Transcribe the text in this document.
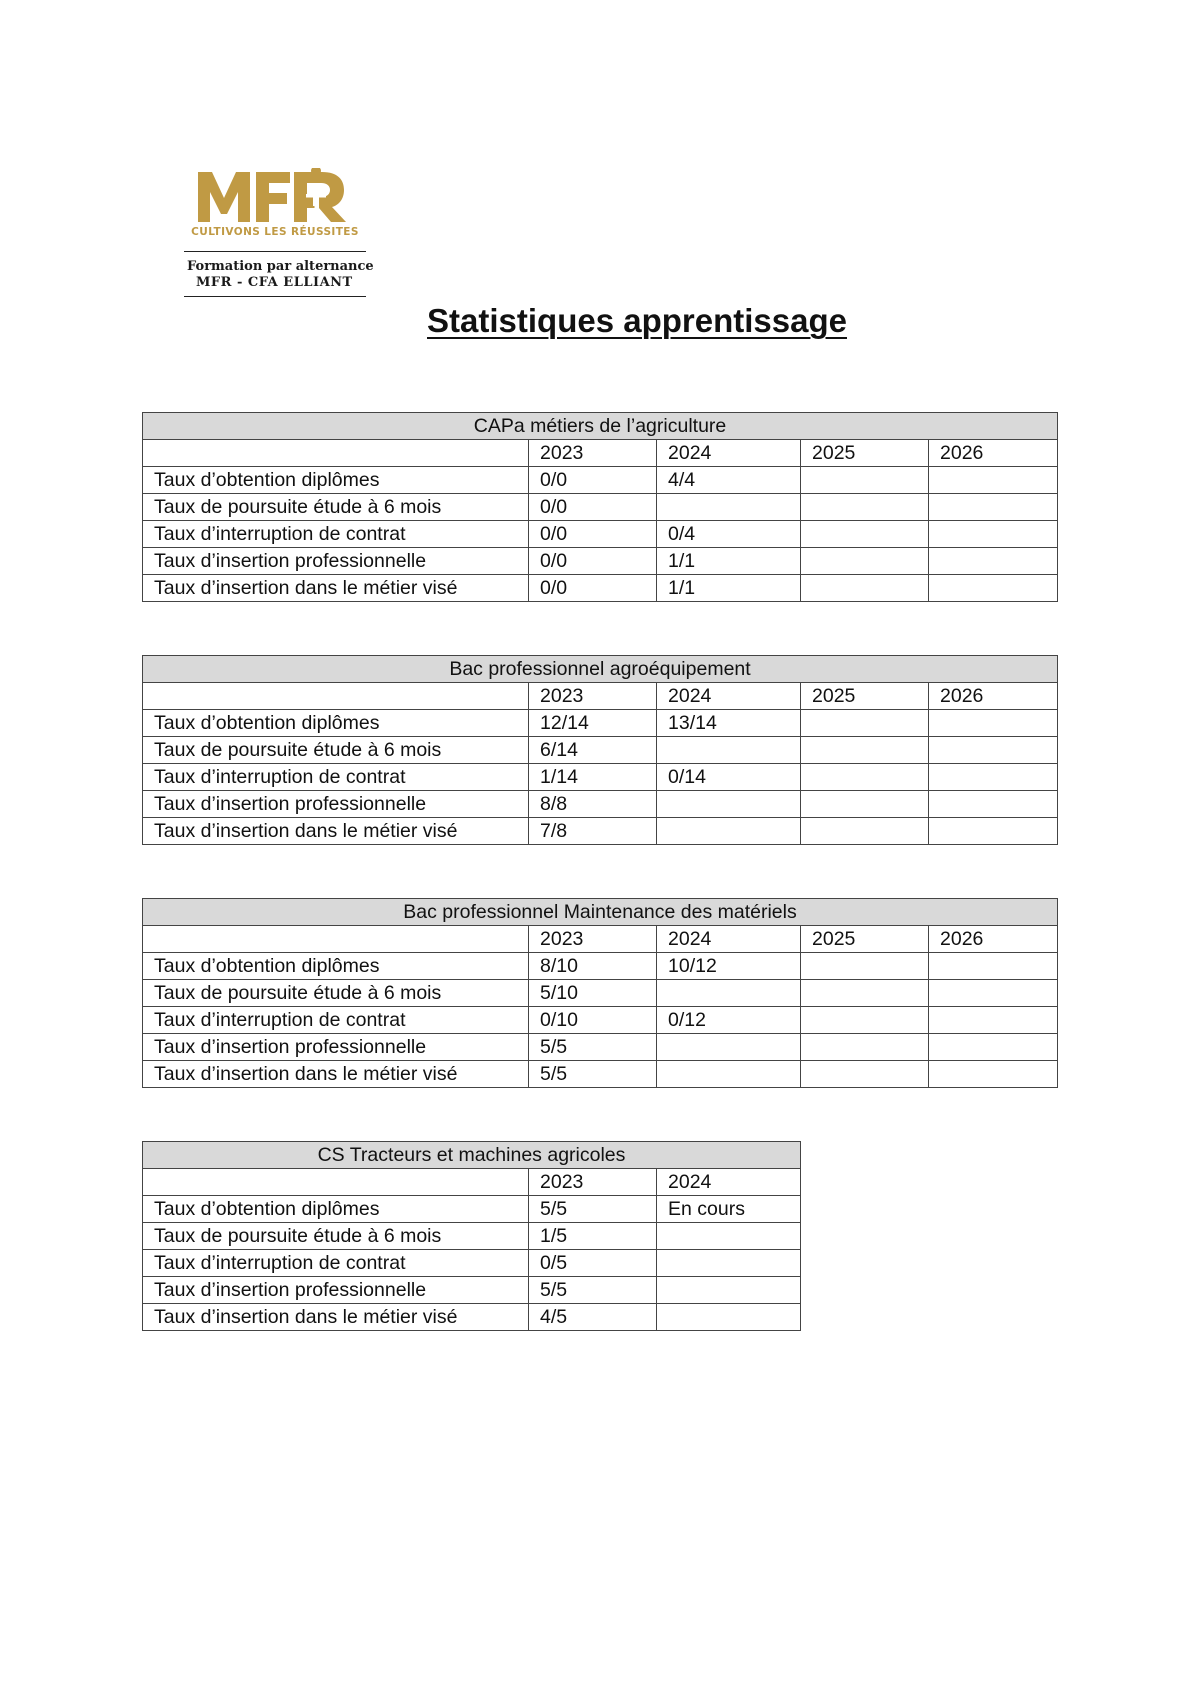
CULTIVONS LES RÉUSSITES
Formation par alternance
MFR - CFA ELLIANT
Statistiques apprentissage
CAPa métiers de l’agriculture				
	2023	2024	2025	2026
Taux d’obtention diplômes	0/0	4/4		
Taux de poursuite étude à 6 mois	0/0			
Taux d’interruption de contrat	0/0	0/4		
Taux d’insertion professionnelle	0/0	1/1		
Taux d’insertion dans le métier visé	0/0	1/1		
Bac professionnel agroéquipement				
	2023	2024	2025	2026
Taux d’obtention diplômes	12/14	13/14		
Taux de poursuite étude à 6 mois	6/14			
Taux d’interruption de contrat	1/14	0/14		
Taux d’insertion professionnelle	8/8			
Taux d’insertion dans le métier visé	7/8			
Bac professionnel Maintenance des matériels				
	2023	2024	2025	2026
Taux d’obtention diplômes	8/10	10/12		
Taux de poursuite étude à 6 mois	5/10			
Taux d’interruption de contrat	0/10	0/12		
Taux d’insertion professionnelle	5/5			
Taux d’insertion dans le métier visé	5/5			
CS Tracteurs et machines agricoles		
	2023	2024
Taux d’obtention diplômes	5/5	En cours
Taux de poursuite étude à 6 mois	1/5	
Taux d’interruption de contrat	0/5	
Taux d’insertion professionnelle	5/5	
Taux d’insertion dans le métier visé	4/5	
